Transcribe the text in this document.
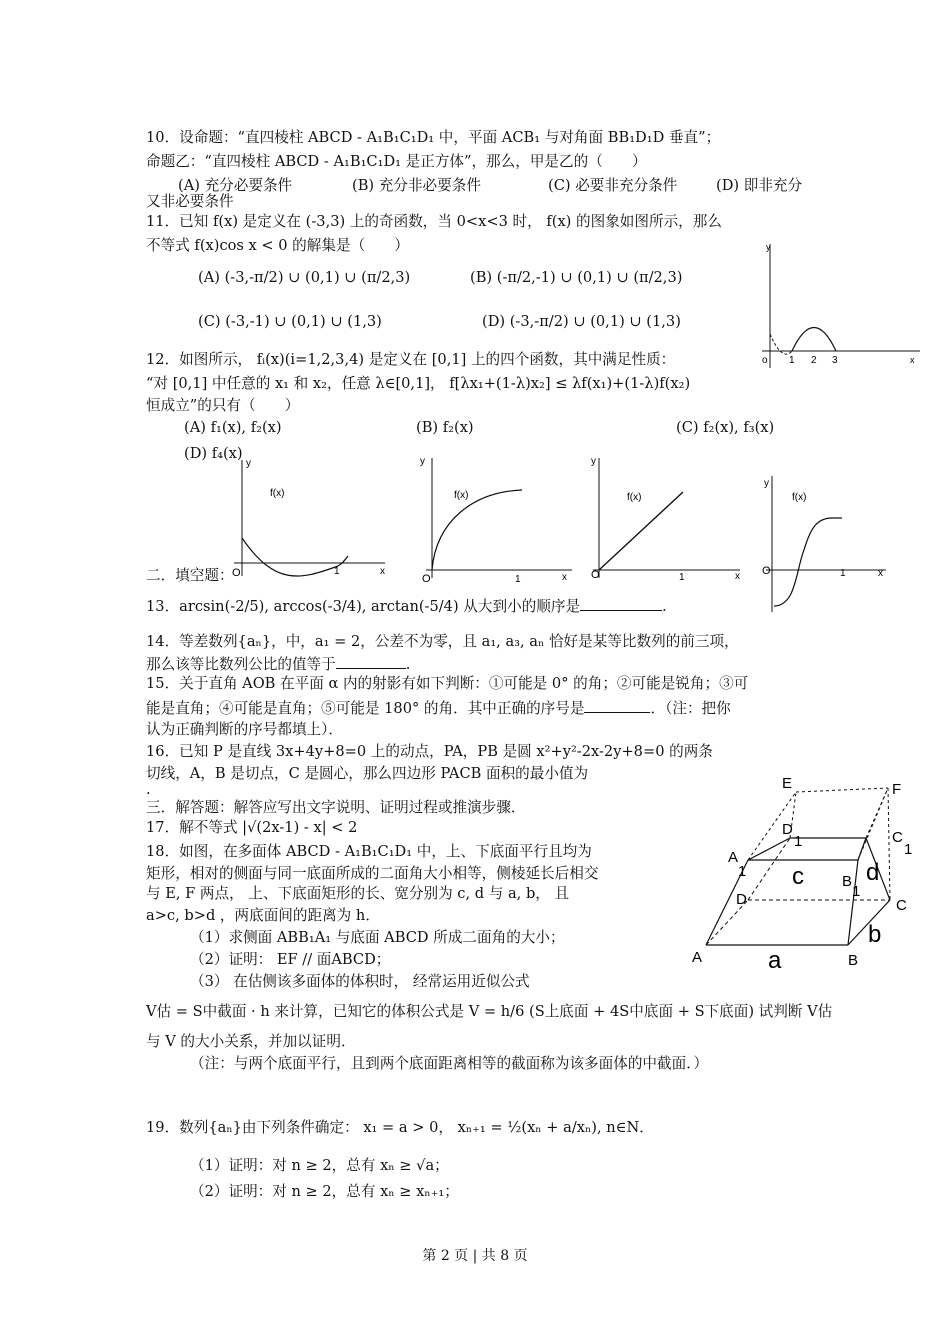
10．设命题：“直四棱柱 ABCD - A₁B₁C₁D₁ 中，平面 ACB₁ 与对角面 BB₁D₁D 垂直”；
命题乙：“直四棱柱 ABCD - A₁B₁C₁D₁ 是正方体”，那么，甲是乙的（　　）
(A) 充分必要条件	(B) 充分非必要条件	(C) 必要非充分条件	(D) 即非充分
又非必要条件
11．已知 f(x) 是定义在 (-3,3) 上的奇函数，当 0<x<3 时， f(x) 的图象如图所示，那么
不等式 f(x)cos x < 0 的解集是（　　）
(A) (-3,-π/2) ∪ (0,1) ∪ (π/2,3)	(B) (-π/2,-1) ∪ (0,1) ∪ (π/2,3)
(C) (-3,-1) ∪ (0,1) ∪ (1,3)	(D) (-3,-π/2) ∪ (0,1) ∪ (1,3)
y
o 1 2 3	x
12．如图所示， fᵢ(x)(i=1,2,3,4) 是定义在 [0,1] 上的四个函数，其中满足性质：
“对 [0,1] 中任意的 x₁ 和 x₂，任意 λ∈[0,1]， f[λx₁+(1-λ)x₂] ≤ λf(x₁)+(1-λ)f(x₂)
恒成立”的只有（　　）
(A) f₁(x), f₂(x)	(B) f₂(x)	(C) f₂(x), f₃(x)
(D) f₄(x)
y
f(x)
O	1	x
y
f(x)
O	1	x
y
f(x)
O	1	x
y
f(x)
O	1	x
二．填空题：
13．arcsin(-2/5), arccos(-3/4), arctan(-5/4) 从大到小的顺序是	.
14．等差数列{aₙ}，中，a₁ = 2，公差不为零，且 a₁, a₃, aₙ 恰好是某等比数列的前三项，
那么该等比数列公比的值等于	.
15．关于直角 AOB 在平面 α 内的射影有如下判断：①可能是 0° 的角；②可能是锐角；③可
能是直角；④可能是直角；⑤可能是 180° 的角．其中正确的序号是	．（注：把你
认为正确判断的序号都填上）．
16．已知 P 是直线 3x+4y+8=0 上的动点，PA，PB 是圆 x²+y²-2x-2y+8=0 的两条
切线，A，B 是切点，C 是圆心，那么四边形 PACB 面积的最小值为
.
三．解答题：解答应写出文字说明、证明过程或推演步骤．
17．解不等式 |√(2x-1) - x| < 2
18．如图，在多面体 ABCD - A₁B₁C₁D₁ 中，上、下底面平行且均为
矩形，相对的侧面与同一底面所成的二面角大小相等，侧棱延长后相交
与 E, F 两点， 上、下底面矩形的长、宽分别为 c, d 与 a, b， 且
a>c, b>d ，两底面间的距离为 h．
（1）求侧面 ABB₁A₁ 与底面 ABCD 所成二面角的大小；
（2）证明： EF // 面ABCD；
（3） 在估侧该多面体的体积时， 经常运用近似公式
V估 = S中截面 · h 来计算，已知它的体积公式是 V = h/6 (S上底面 + 4S中底面 + S下底面) 试判断 V估
与 V 的大小关系，并加以证明．
（注：与两个底面平行，且到两个底面距离相等的截面称为该多面体的中截面．）
E	F
D
1	C
1
A
1 c	B
1
d
D	C
A	a	B
b
19．数列{aₙ}由下列条件确定： x₁ = a > 0， xₙ₊₁ = ½(xₙ + a/xₙ), n∈N．
（1）证明：对 n ≥ 2，总有 xₙ ≥ √a；
（2）证明：对 n ≥ 2，总有 xₙ ≥ xₙ₊₁；
第 2 页 | 共 8 页
